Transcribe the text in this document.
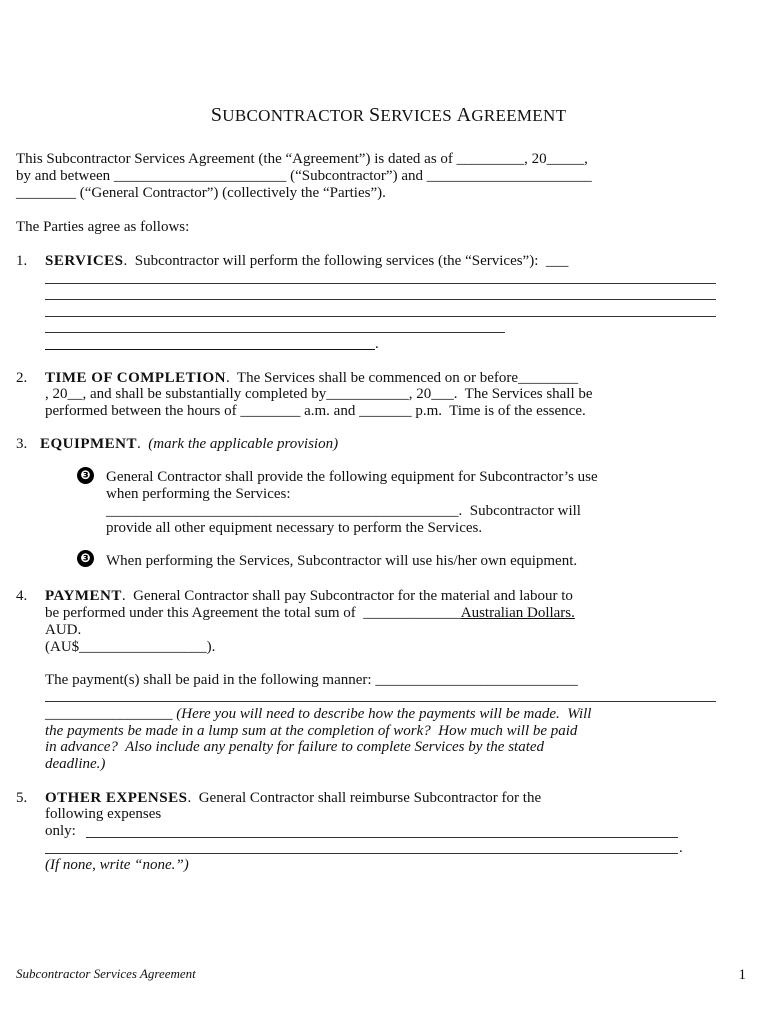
SUBCONTRACTOR SERVICES AGREEMENT

This Subcontractor Services Agreement (the “Agreement”) is dated as of _________, 20_____,
by and between _______________________ (“Subcontractor”) and ______________________
________ (“General Contractor”) (collectively the “Parties”).
The Parties agree as follows:
1. SERVICES.  Subcontractor will perform the following services (the “Services”):  ___
.
2. TIME OF COMPLETION.  The Services shall be commenced on or before________
, 20__, and shall be substantially completed by___________, 20___.  The Services shall be
performed between the hours of ________ a.m. and _______ p.m.  Time is of the essence.
3. EQUIPMENT. (mark the applicable provision)
❸ General Contractor shall provide the following equipment for Subcontractor’s use
when performing the Services:
_______________________________________________.  Subcontractor will
provide all other equipment necessary to perform the Services.
❸ When performing the Services, Subcontractor will use his/her own equipment.
4. PAYMENT.  General Contractor shall pay Subcontractor for the material and labour to
be performed under this Agreement the total sum of  _____________Australian Dollars.
AUD.
(AU$_________________).
The payment(s) shall be paid in the following manner: ___________________________
_________________ (Here you will need to describe how the payments will be made.  Will
the payments be made in a lump sum at the completion of work?  How much will be paid
in advance?  Also include any penalty for failure to complete Services by the stated
deadline.)
5. OTHER EXPENSES.  General Contractor shall reimburse Subcontractor for the
following expenses
only:
.
(If none, write “none.”)
Subcontractor Services Agreement	1
